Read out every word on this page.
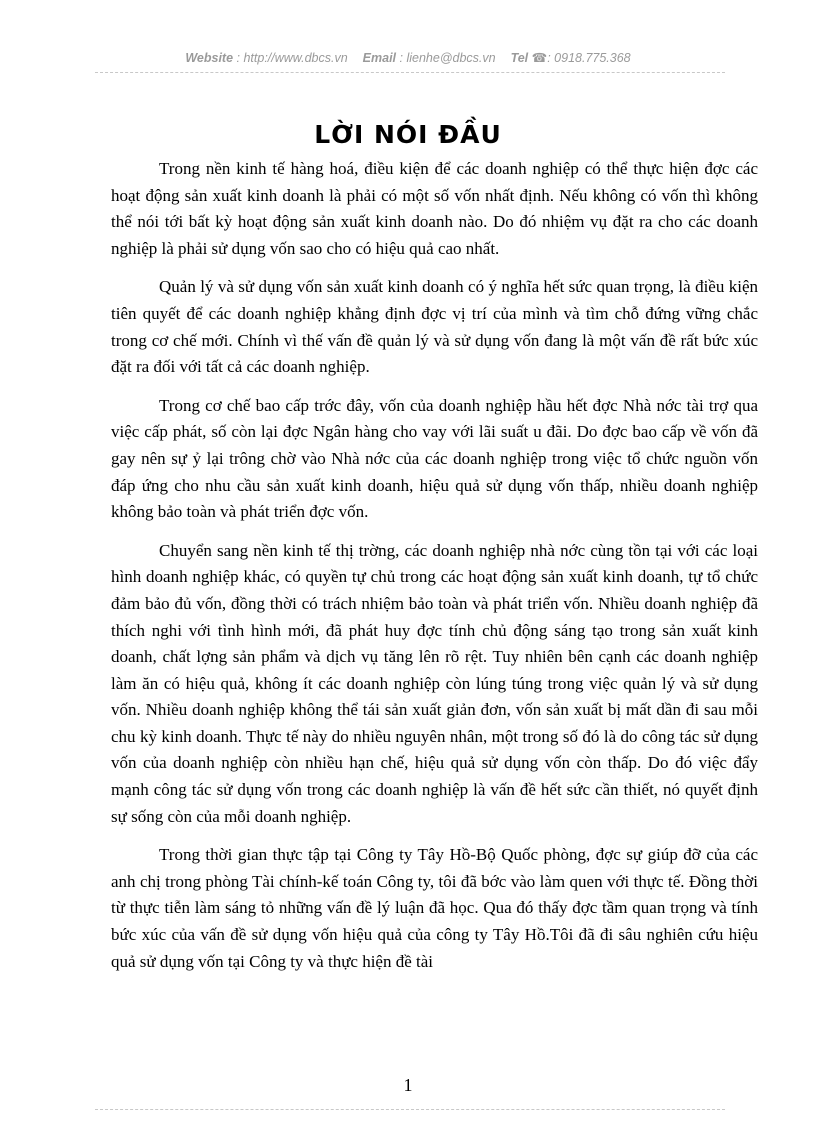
Website : http://www.dbcs.vn Email : lienhe@dbcs.vn Tel ☎: 0918.775.368
LỜI NÓI ĐẦU

Trong nền kinh tế hàng hoá, điều kiện để các doanh nghiệp có thể thực hiện đợc các hoạt động sản xuất kinh doanh là phải có một số vốn nhất định. Nếu không có vốn thì không thể nói tới bất kỳ hoạt động sản xuất kinh doanh nào. Do đó nhiệm vụ đặt ra cho các doanh nghiệp là phải sử dụng vốn sao cho có hiệu quả cao nhất.

Quản lý và sử dụng vốn sản xuất kinh doanh có ý nghĩa hết sức quan trọng, là điều kiện tiên quyết để các doanh nghiệp khẳng định đợc vị trí của mình và tìm chỗ đứng vững chắc trong cơ chế mới. Chính vì thế vấn đề quản lý và sử dụng vốn đang là một vấn đề rất bức xúc đặt ra đối với tất cả các doanh nghiệp.

Trong cơ chế bao cấp trớc đây, vốn của doanh nghiệp hầu hết đợc Nhà nớc tài trợ qua việc cấp phát, số còn lại đợc Ngân hàng cho vay với lãi suất u đãi. Do đợc bao cấp về vốn đã gay nên sự ỷ lại trông chờ vào Nhà nớc của các doanh nghiệp trong việc tổ chức nguồn vốn đáp ứng cho nhu cầu sản xuất kinh doanh, hiệu quả sử dụng vốn thấp, nhiều doanh nghiệp không bảo toàn và phát triển đợc vốn.

Chuyển sang nền kinh tế thị trờng, các doanh nghiệp nhà nớc cùng tồn tại với các loại hình doanh nghiệp khác, có quyền tự chủ trong các hoạt động sản xuất kinh doanh, tự tổ chức đảm bảo đủ vốn, đồng thời có trách nhiệm bảo toàn và phát triển vốn. Nhiều doanh nghiệp đã thích nghi với tình hình mới, đã phát huy đợc tính chủ động sáng tạo trong sản xuất kinh doanh, chất lợng sản phẩm và dịch vụ tăng lên rõ rệt. Tuy nhiên bên cạnh các doanh nghiệp làm ăn có hiệu quả, không ít các doanh nghiệp còn lúng túng trong việc quản lý và sử dụng vốn. Nhiều doanh nghiệp không thể tái sản xuất giản đơn, vốn sản xuất bị mất dần đi sau mỗi chu kỳ kinh doanh. Thực tế này do nhiều nguyên nhân, một trong số đó là do công tác sử dụng vốn của doanh nghiệp còn nhiều hạn chế, hiệu quả sử dụng vốn còn thấp. Do đó việc đẩy mạnh công tác sử dụng vốn trong các doanh nghiệp là vấn đề hết sức cần thiết, nó quyết định sự sống còn của mỗi doanh nghiệp.

Trong thời gian thực tập tại Công ty Tây Hồ-Bộ Quốc phòng, đợc sự giúp đỡ của các anh chị trong phòng Tài chính-kế toán Công ty, tôi đã bớc vào làm quen với thực tế. Đồng thời từ thực tiễn làm sáng tỏ những vấn đề lý luận đã học. Qua đó thấy đợc tầm quan trọng và tính bức xúc của vấn đề sử dụng vốn hiệu quả của công ty Tây Hồ.Tôi đã đi sâu nghiên cứu hiệu quả sử dụng vốn tại Công ty và thực hiện đề tài

1
